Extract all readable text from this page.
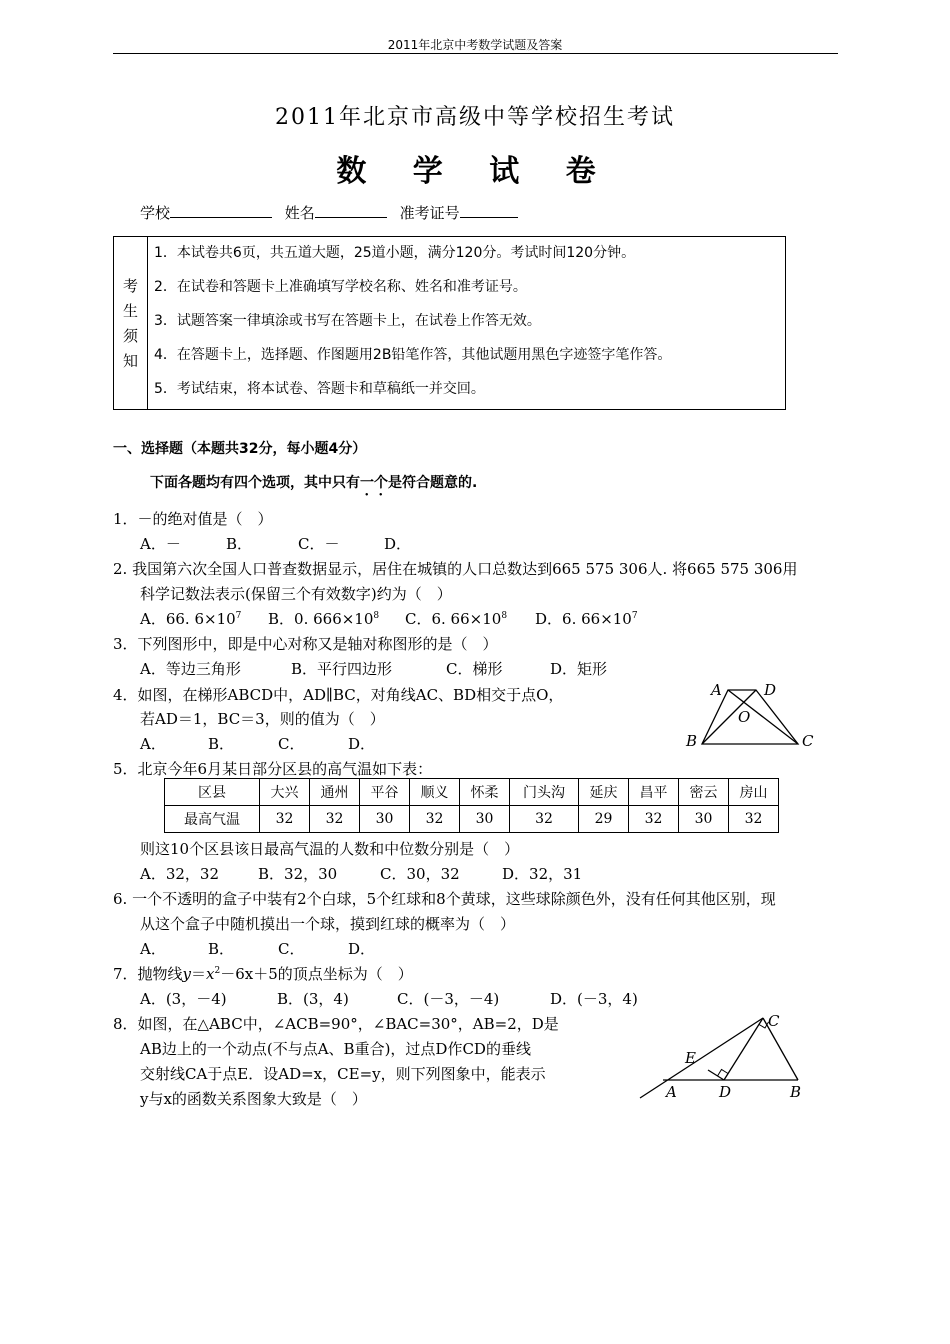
2011年北京中考数学试题及答案
2011年北京市高级中等学校招生考试
数 学 试 卷
学校	姓名	准考证号
考
生
须
知
1．本试卷共6页，共五道大题，25道小题，满分120分。考试时间120分钟。
2．在试卷和答题卡上准确填写学校名称、姓名和准考证号。
3．试题答案一律填涂或书写在答题卡上，在试卷上作答无效。
4．在答题卡上，选择题、作图题用2B铅笔作答，其他试题用黑色字迹签字笔作答。
5．考试结束，将本试卷、答题卡和草稿纸一并交回。
一、选择题（本题共32分，每小题4分）
下面各题均有四个选项，其中只有一个是符合题意的.
1．－的绝对值是（　）
A．－	B．	C．－	D．
2. 我国第六次全国人口普查数据显示，居住在城镇的人口总数达到665 575 306人. 将665 575 306用
科学记数法表示(保留三个有效数字)约为（　）
A．66. $6\times 10^7$ B．0. $666\times 10^8$ C．6. $66\times 10^8$ D．6. $66\times 10^7$
3．下列图形中，即是中心对称又是轴对称图形的是（　）
A．等边三角形	B．平行四边形	C．梯形	D．矩形
4．如图，在梯形ABCD中，AD∥BC，对角线AC、BD相交于点O，
若AD＝1，BC＝3，则的值为（　）
A．	B．	C．	D．
A	D
O
B	C
5．北京今年6月某日部分区县的高气温如下表：
区县	大兴	通州	平谷	顺义	怀柔	门头沟	延庆	昌平	密云	房山
最高气温	32	32	30	32	30	32	29	32	30	32
则这10个区县该日最高气温的人数和中位数分别是（　）
A．32，32	B．32，30	C．30，32	D．32，31
6. 一个不透明的盒子中装有2个白球，5个红球和8个黄球，这些球除颜色外，没有任何其他区别，现
从这个盒子中随机摸出一个球，摸到红球的概率为（　）
A．	B．	C．	D．
7．抛物线$y=x^2-6x+5$的顶点坐标为（　）
A．(3，－4)	B．(3，4)	C．(－3，－4)	D．(－3，4)
8．如图，在△ABC中，∠ACB=90°，∠BAC=30°，AB=2，D是
AB边上的一个动点(不与点A、B重合)，过点D作CD的垂线
交射线CA于点E．设AD=x，CE=y，则下列图象中，能表示
y与x的函数关系图象大致是（　）
C
E
A	D	B
